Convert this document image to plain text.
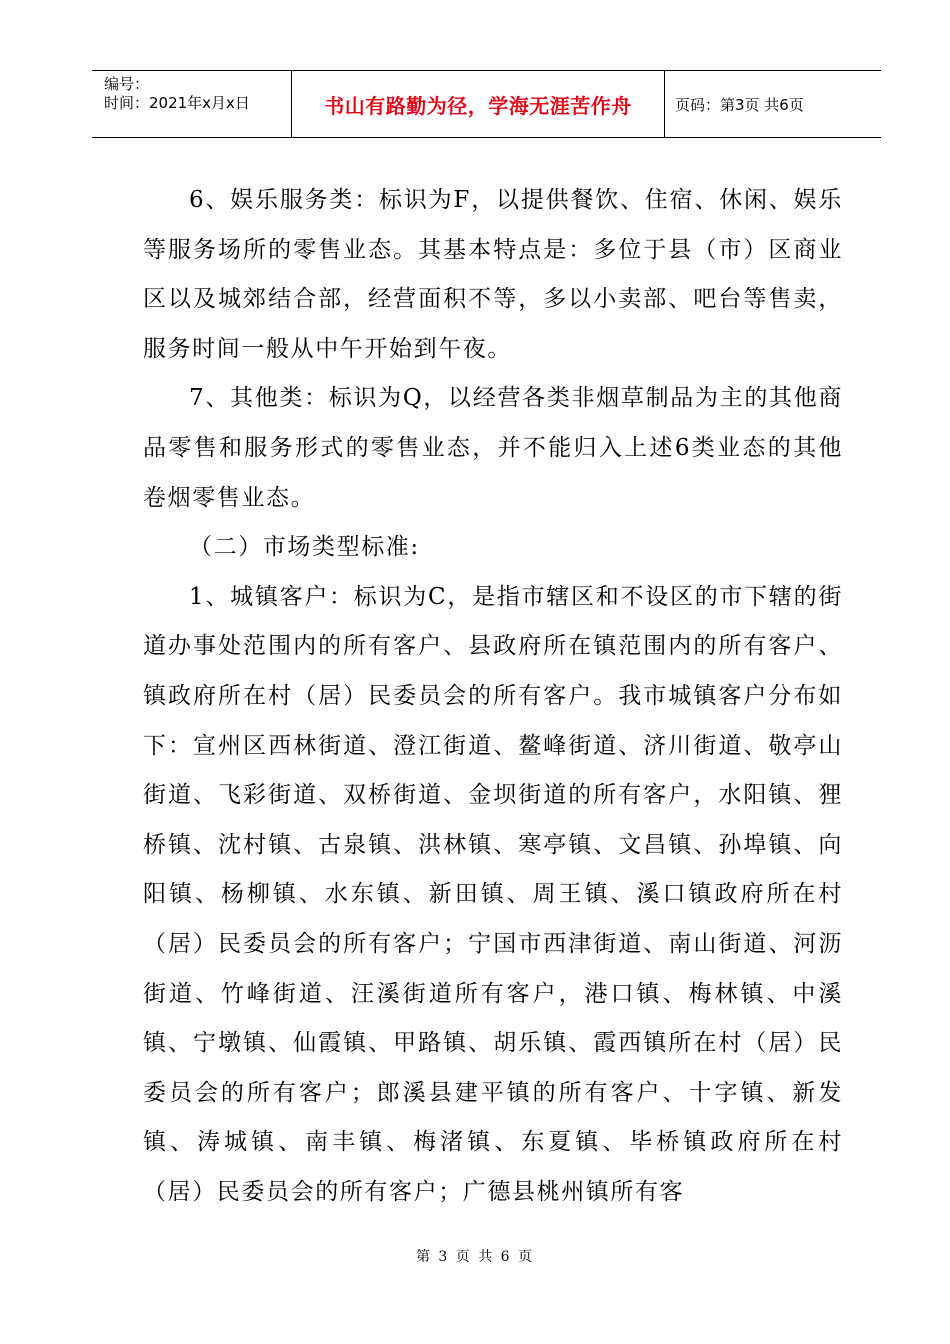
编号：
时间：2021年x月x日	书山有路勤为径，学海无涯苦作舟	页码：第3页 共6页

6、娱乐服务类：标识为F，以提供餐饮、住宿、休闲、娱乐等服务场所的零售业态。其基本特点是：多位于县（市）区商业区以及城郊结合部，经营面积不等，多以小卖部、吧台等售卖，服务时间一般从中午开始到午夜。

7、其他类：标识为Q，以经营各类非烟草制品为主的其他商品零售和服务形式的零售业态，并不能归入上述6类业态的其他卷烟零售业态。

（二）市场类型标准:

1、城镇客户：标识为C，是指市辖区和不设区的市下辖的街道办事处范围内的所有客户、县政府所在镇范围内的所有客户、镇政府所在村（居）民委员会的所有客户。我市城镇客户分布如下：宣州区西林街道、澄江街道、鳌峰街道、济川街道、敬亭山街道、飞彩街道、双桥街道、金坝街道的所有客户，水阳镇、狸桥镇、沈村镇、古泉镇、洪林镇、寒亭镇、文昌镇、孙埠镇、向阳镇、杨柳镇、水东镇、新田镇、周王镇、溪口镇政府所在村（居）民委员会的所有客户；宁国市西津街道、南山街道、河沥街道、竹峰街道、汪溪街道所有客户，港口镇、梅林镇、中溪镇、宁墩镇、仙霞镇、甲路镇、胡乐镇、霞西镇所在村（居）民委员会的所有客户；郎溪县建平镇的所有客户、十字镇、新发镇、涛城镇、南丰镇、梅渚镇、东夏镇、毕桥镇政府所在村（居）民委员会的所有客户；广德县桃州镇所有客

第 3 页 共 6 页
